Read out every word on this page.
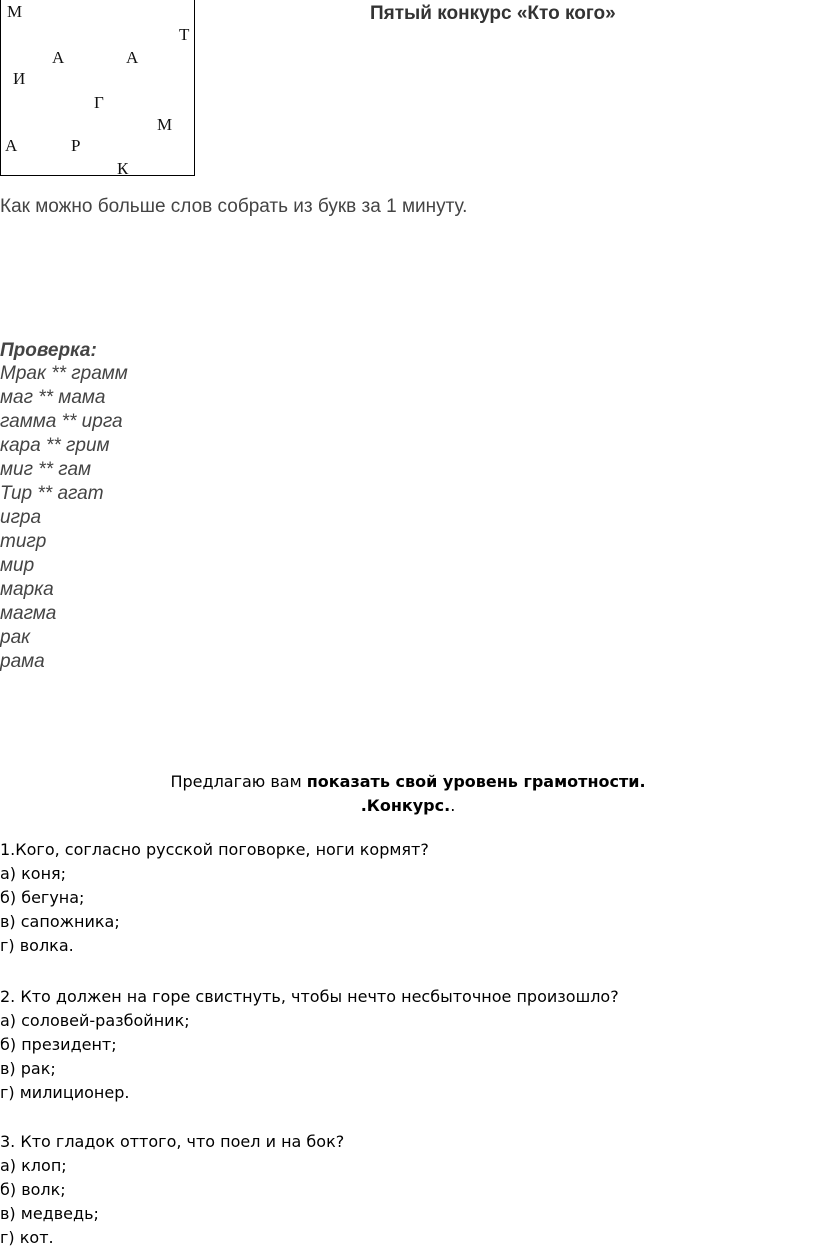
М
Т
А	А
И
Г
М
А	Р
К
Пятый конкурс «Кто кого»
Как можно больше слов собрать из букв за 1 минуту.
Проверка:
Мрак ** грамм
маг ** мама
гамма ** ирга
кара ** грим
миг ** гам
Тир ** агат
игра
тигр
мир
марка
магма
рак
рама
Предлагаю вам показать свой уровень грамотности.
.Конкурс..
1.Кого, согласно русской поговорке, ноги кормят?
а) коня;
б) бегуна;
в) сапожника;
г) волка.
2. Кто должен на горе свистнуть, чтобы нечто несбыточное произошло?
а) соловей-разбойник;
б) президент;
в) рак;
г) милиционер.
3. Кто гладок оттого, что поел и на бок?
а) клоп;
б) волк;
в) медведь;
г) кот.
